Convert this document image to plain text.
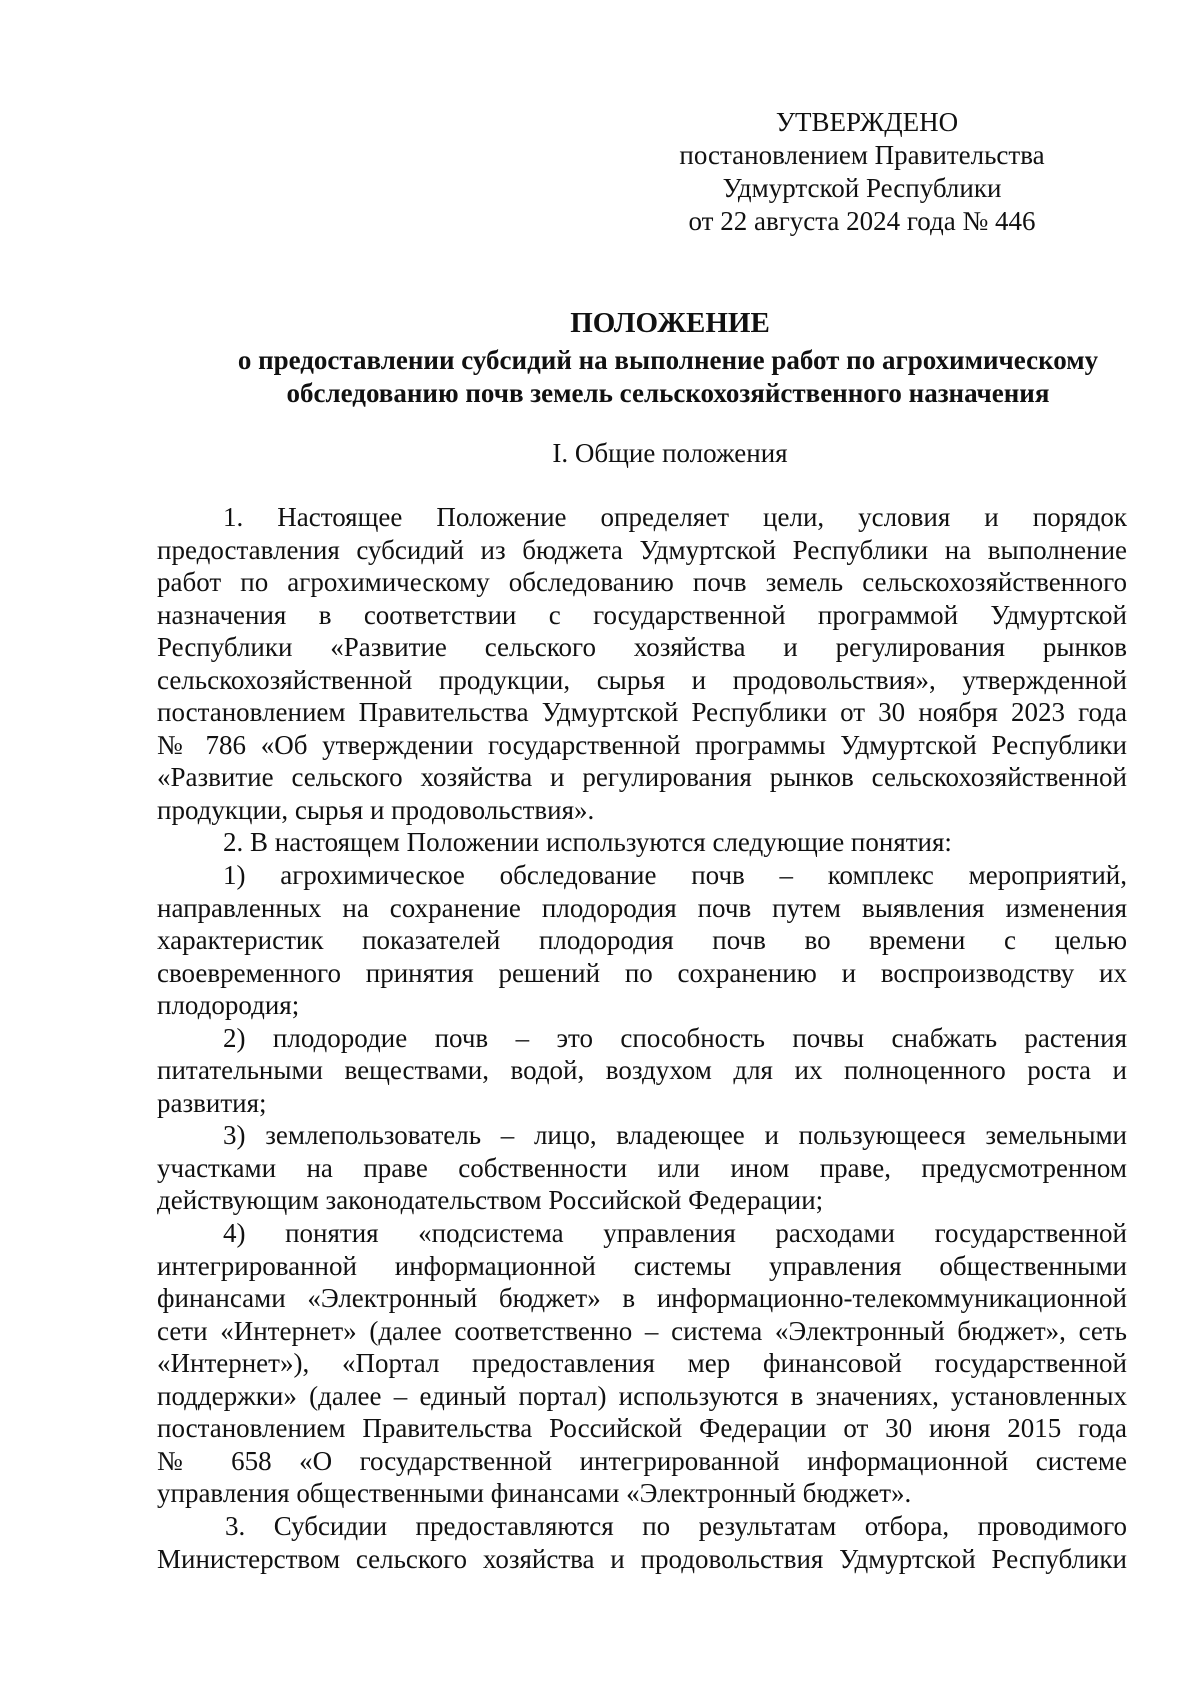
УТВЕРЖДЕНО
постановлением Правительства
Удмуртской Республики
от 22 августа 2024 года № 446
ПОЛОЖЕНИЕ
о предоставлении субсидий на выполнение работ по агрохимическому
обследованию почв земель сельскохозяйственного назначения
I. Общие положения
1. Настоящее Положение определяет цели, условия и порядок
предоставления субсидий из бюджета Удмуртской Республики на выполнение
работ по агрохимическому обследованию почв земель сельскохозяйственного
назначения в соответствии с государственной программой Удмуртской
Республики «Развитие сельского хозяйства и регулирования рынков
сельскохозяйственной продукции, сырья и продовольствия», утвержденной
постановлением Правительства Удмуртской Республики от 30 ноября 2023 года
№ 786 «Об утверждении государственной программы Удмуртской Республики
«Развитие сельского хозяйства и регулирования рынков сельскохозяйственной
продукции, сырья и продовольствия».
2. В настоящем Положении используются следующие понятия:
1) агрохимическое обследование почв – комплекс мероприятий,
направленных на сохранение плодородия почв путем выявления изменения
характеристик показателей плодородия почв во времени с целью
своевременного принятия решений по сохранению и воспроизводству их
плодородия;
2) плодородие почв – это способность почвы снабжать растения
питательными веществами, водой, воздухом для их полноценного роста и
развития;
3) землепользователь – лицо, владеющее и пользующееся земельными
участками на праве собственности или ином праве, предусмотренном
действующим законодательством Российской Федерации;
4) понятия «подсистема управления расходами государственной
интегрированной информационной системы управления общественными
финансами «Электронный бюджет» в информационно-телекоммуникационной
сети «Интернет» (далее соответственно – система «Электронный бюджет», сеть
«Интернет»), «Портал предоставления мер финансовой государственной
поддержки» (далее – единый портал) используются в значениях, установленных
постановлением Правительства Российской Федерации от 30 июня 2015 года
№ 658 «О государственной интегрированной информационной системе
управления общественными финансами «Электронный бюджет».
3. Субсидии предоставляются по результатам отбора, проводимого
Министерством сельского хозяйства и продовольствия Удмуртской Республики
